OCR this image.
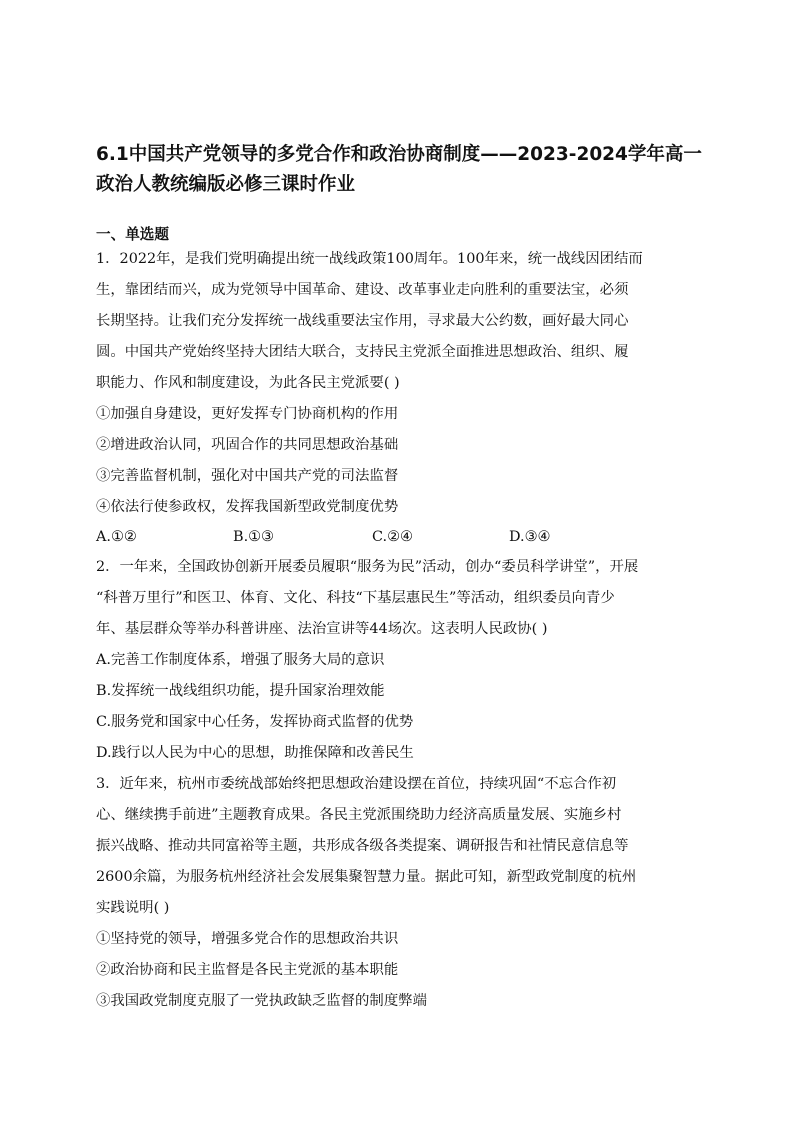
6.1中国共产党领导的多党合作和政治协商制度——2023-2024学年高一政治人教统编版必修三课时作业
一、单选题
1．2022年，是我们党明确提出统一战线政策100周年。100年来，统一战线因团结而
生，靠团结而兴，成为党领导中国革命、建设、改革事业走向胜利的重要法宝，必须
长期坚持。让我们充分发挥统一战线重要法宝作用，寻求最大公约数，画好最大同心
圆。中国共产党始终坚持大团结大联合，支持民主党派全面推进思想政治、组织、履
职能力、作风和制度建设，为此各民主党派要( )
①加强自身建设，更好发挥专门协商机构的作用
②增进政治认同，巩固合作的共同思想政治基础
③完善监督机制，强化对中国共产党的司法监督
④依法行使参政权，发挥我国新型政党制度优势
A.①②	B.①③	C.②④	D.③④
2．一年来，全国政协创新开展委员履职“服务为民”活动，创办“委员科学讲堂”，开展
“科普万里行”和医卫、体育、文化、科技“下基层惠民生”等活动，组织委员向青少
年、基层群众等举办科普讲座、法治宣讲等44场次。这表明人民政协( )
A.完善工作制度体系，增强了服务大局的意识
B.发挥统一战线组织功能，提升国家治理效能
C.服务党和国家中心任务，发挥协商式监督的优势
D.践行以人民为中心的思想，助推保障和改善民生
3．近年来，杭州市委统战部始终把思想政治建设摆在首位，持续巩固“不忘合作初
心、继续携手前进”主题教育成果。各民主党派围绕助力经济高质量发展、实施乡村
振兴战略、推动共同富裕等主题，共形成各级各类提案、调研报告和社情民意信息等
2600余篇，为服务杭州经济社会发展集聚智慧力量。据此可知，新型政党制度的杭州
实践说明( )
①坚持党的领导，增强多党合作的思想政治共识
②政治协商和民主监督是各民主党派的基本职能
③我国政党制度克服了一党执政缺乏监督的制度弊端
